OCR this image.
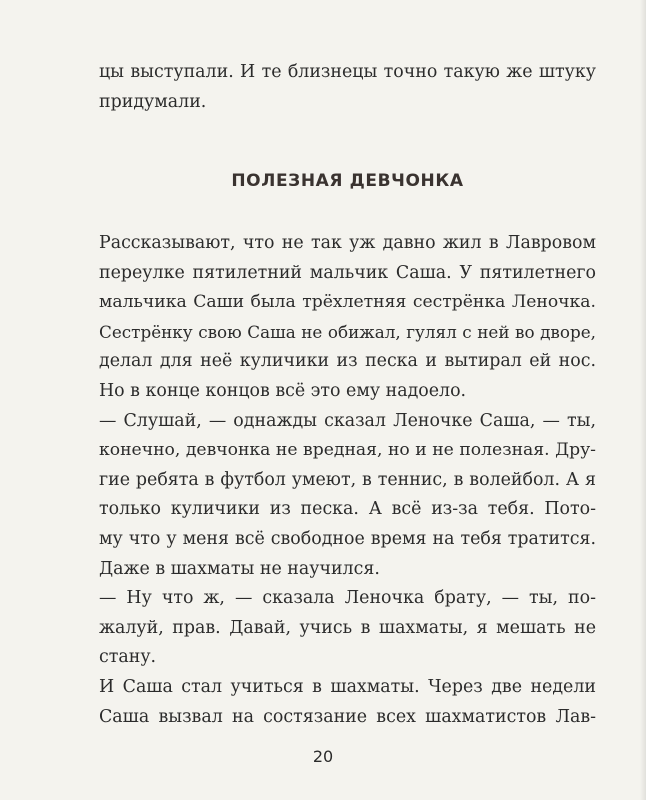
цы выступали. И те близнецы точно такую же штуку
придумали.
ПОЛЕЗНАЯ ДЕВЧОНКА
Рассказывают, что не так уж давно жил в Лавровом
переулке пятилетний мальчик Саша. У пятилетнего
мальчика Саши была трёхлетняя сестрёнка Леночка.
Сестрёнку свою Саша не обижал, гулял с ней во дворе,
делал для неё куличики из песка и вытирал ей нос.
Но в конце концов всё это ему надоело.
— Слушай, — однажды сказал Леночке Саша, — ты,
конечно, девчонка не вредная, но и не полезная. Дру-
гие ребята в футбол умеют, в теннис, в волейбол. А я
только куличики из песка. А всё из-за тебя. Пото-
му что у меня всё свободное время на тебя тратится.
Даже в шахматы не научился.
— Ну что ж, — сказала Леночка брату, — ты, по-
жалуй, прав. Давай, учись в шахматы, я мешать не
стану.
И Саша стал учиться в шахматы. Через две недели
Саша вызвал на состязание всех шахматистов Лав-
20
